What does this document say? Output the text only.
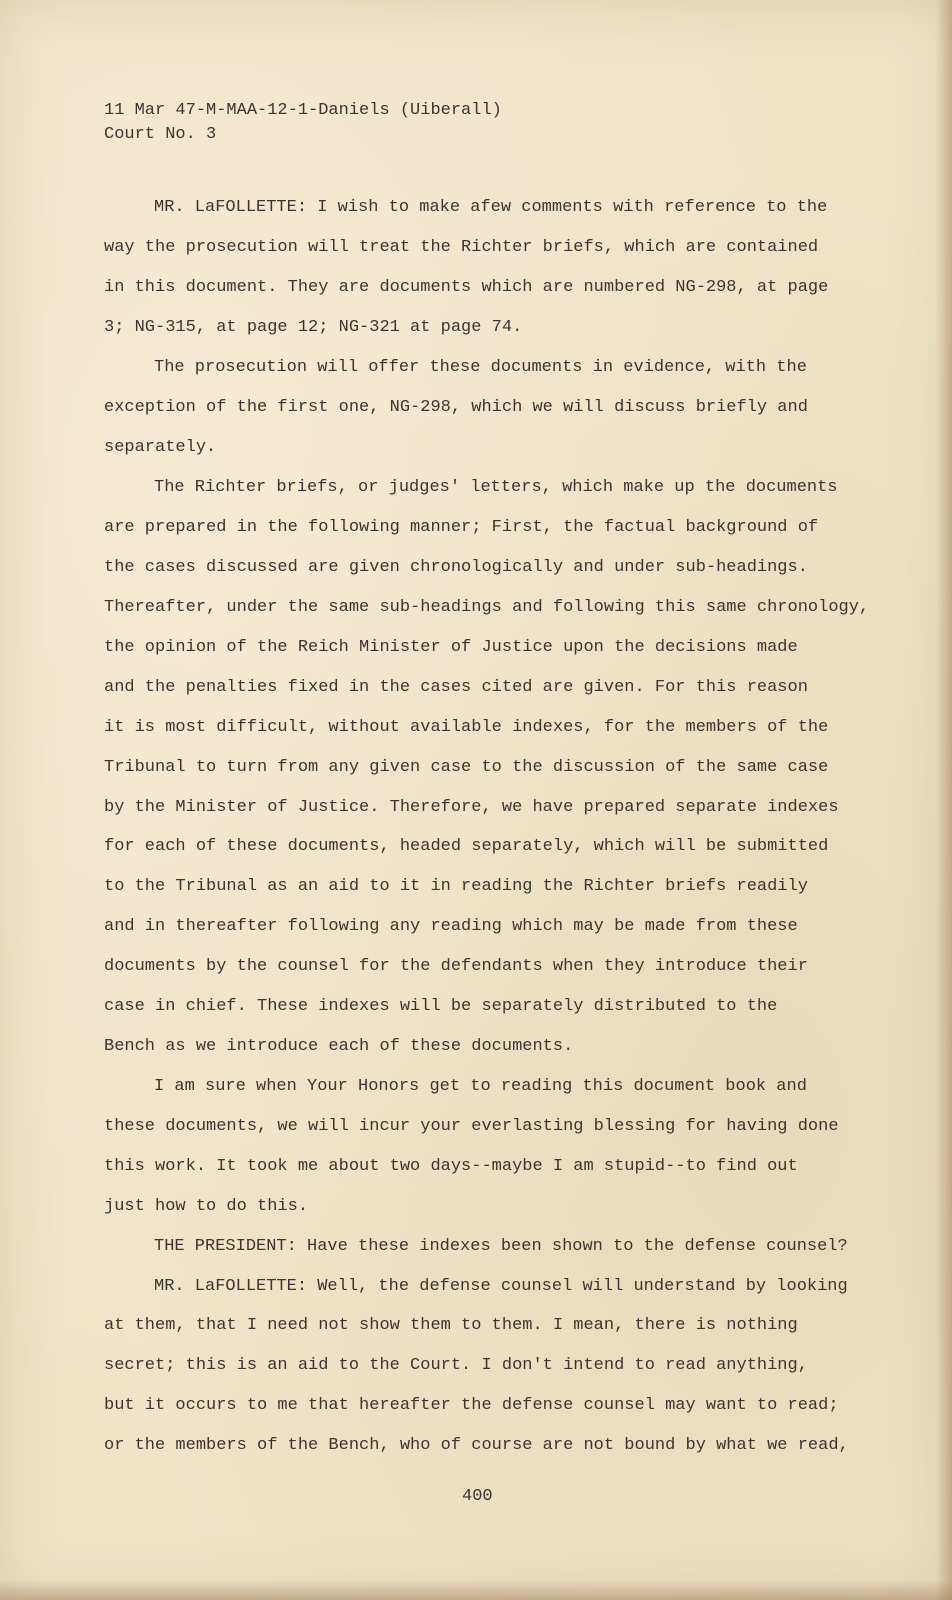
11 Mar 47-M-MAA-12-1-Daniels (Uiberall)
Court No. 3
MR. LaFOLLETTE: I wish to make afew comments with reference to the
way the prosecution will treat the Richter briefs, which are contained
in this document. They are documents which are numbered NG-298, at page
3; NG-315, at page 12; NG-321 at page 74.
The prosecution will offer these documents in evidence, with the
exception of the first one, NG-298, which we will discuss briefly and
separately.
The Richter briefs, or judges' letters, which make up the documents
are prepared in the following manner; First, the factual background of
the cases discussed are given chronologically and under sub-headings.
Thereafter, under the same sub-headings and following this same chronology,
the opinion of the Reich Minister of Justice upon the decisions made
and the penalties fixed in the cases cited are given. For this reason
it is most difficult, without available indexes, for the members of the
Tribunal to turn from any given case to the discussion of the same case
by the Minister of Justice. Therefore, we have prepared separate indexes
for each of these documents, headed separately, which will be submitted
to the Tribunal as an aid to it in reading the Richter briefs readily
and in thereafter following any reading which may be made from these
documents by the counsel for the defendants when they introduce their
case in chief. These indexes will be separately distributed to the
Bench as we introduce each of these documents.
I am sure when Your Honors get to reading this document book and
these documents, we will incur your everlasting blessing for having done
this work. It took me about two days--maybe I am stupid--to find out
just how to do this.
THE PRESIDENT: Have these indexes been shown to the defense counsel?
MR. LaFOLLETTE: Well, the defense counsel will understand by looking
at them, that I need not show them to them. I mean, there is nothing
secret; this is an aid to the Court. I don't intend to read anything,
but it occurs to me that hereafter the defense counsel may want to read;
or the members of the Bench, who of course are not bound by what we read,
400
